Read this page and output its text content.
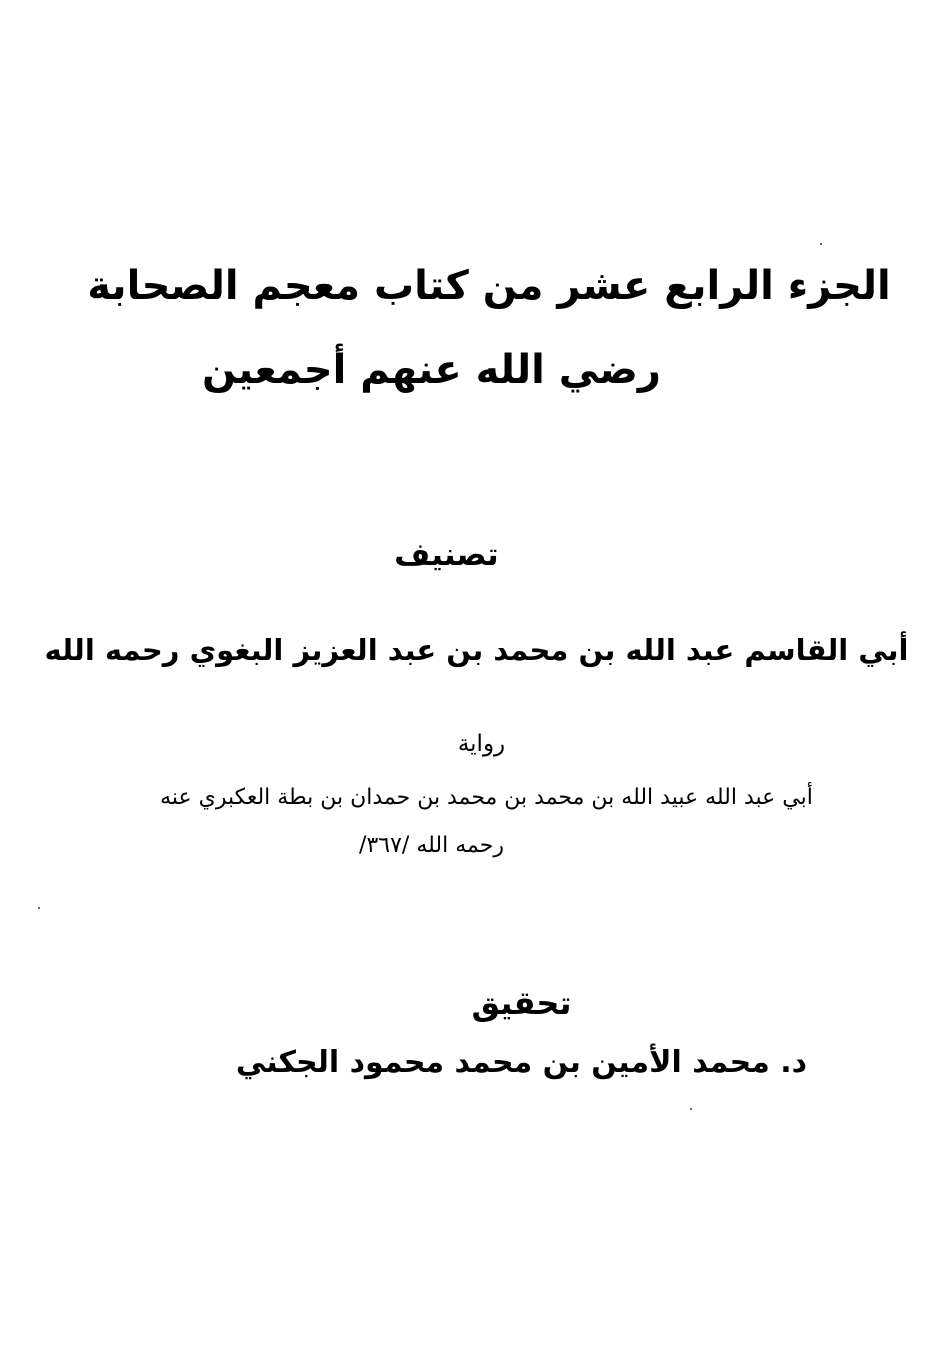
الجزء الرابع عشر من كتاب معجم الصحابة
رضي الله عنهم أجمعين
تصنيف
أبي القاسم عبد الله بن محمد بن عبد العزيز البغوي رحمه الله
رواية
أبي عبد الله عبيد الله بن محمد بن محمد بن حمدان بن بطة العكبري عنه
رحمه الله /٣٦٧/
تحقيق
د. محمد الأمين بن محمد محمود الجكني
